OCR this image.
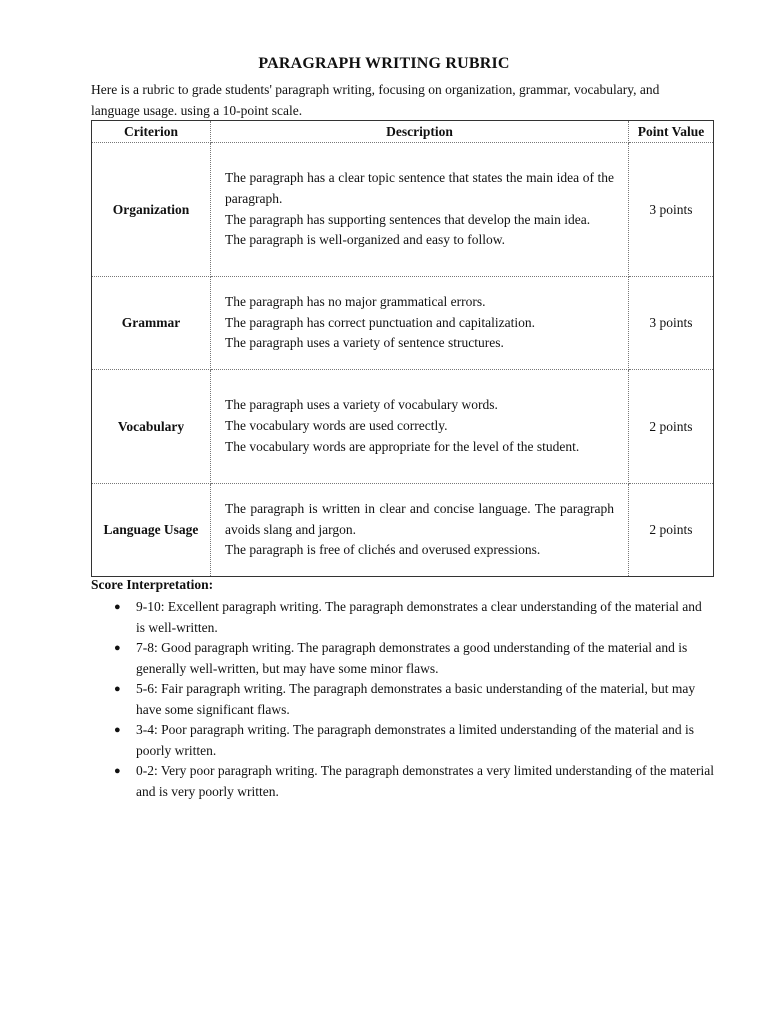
PARAGRAPH WRITING RUBRIC
Here is a rubric to grade students' paragraph writing, focusing on organization, grammar, vocabulary, and language usage. using a 10-point scale.
Criterion	Description	Point Value
Organization	The paragraph has a clear topic sentence that states the main idea of the paragraph.

The paragraph has supporting sentences that develop the main idea.

The paragraph is well-organized and easy to follow.	3 points
Grammar	The paragraph has no major grammatical errors.

The paragraph has correct punctuation and capitalization.

The paragraph uses a variety of sentence structures.	3 points
Vocabulary	The paragraph uses a variety of vocabulary words.

The vocabulary words are used correctly.

The vocabulary words are appropriate for the level of the student.	2 points
Language Usage	The paragraph is written in clear and concise language. The paragraph avoids slang and jargon.

The paragraph is free of clichés and overused expressions.	2 points
Score Interpretation:
● 9-10: Excellent paragraph writing. The paragraph demonstrates a clear understanding of the material and is well-written.
● 7-8: Good paragraph writing. The paragraph demonstrates a good understanding of the material and is generally well-written, but may have some minor flaws.
● 5-6: Fair paragraph writing. The paragraph demonstrates a basic understanding of the material, but may have some significant flaws.
● 3-4: Poor paragraph writing. The paragraph demonstrates a limited understanding of the material and is poorly written.
● 0-2: Very poor paragraph writing. The paragraph demonstrates a very limited understanding of the material and is very poorly written.
